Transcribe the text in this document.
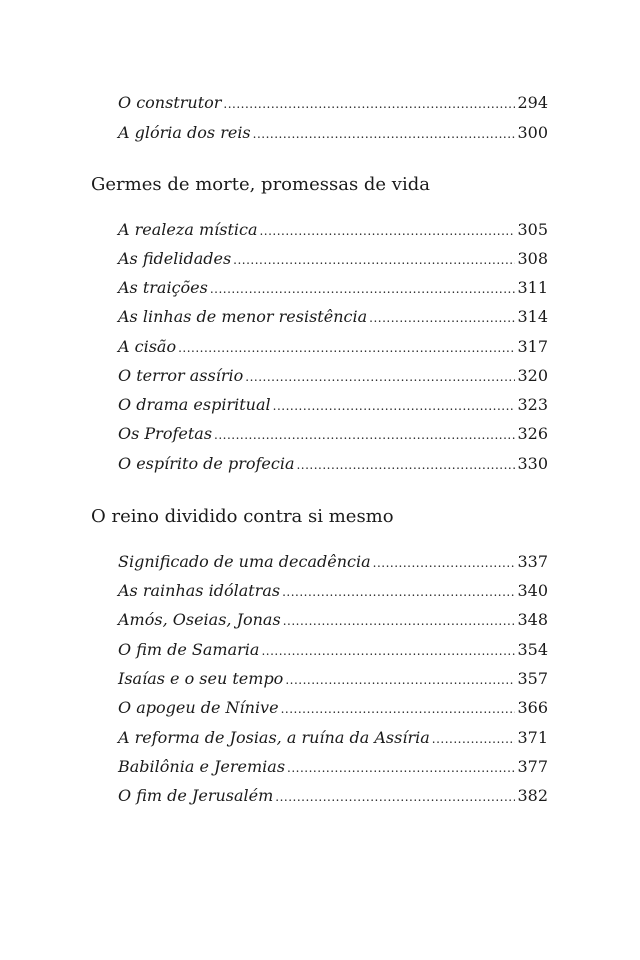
O construtor .....	294
A glória dos reis .....	300
Germes de morte, promessas de vida
A realeza mística .....	305
As fidelidades .....	308
As traições .....	311
As linhas de menor resistência .....	314
A cisão .....	317
O terror assírio .....	320
O drama espiritual .....	323
Os Profetas .....	326
O espírito de profecia .....	330
O reino dividido contra si mesmo
Significado de uma decadência .....	337
As rainhas idólatras .....	340
Amós, Oseias, Jonas .....	348
O fim de Samaria .....	354
Isaías e o seu tempo .....	357
O apogeu de Nínive .....	366
A reforma de Josias, a ruína da Assíria .....	371
Babilônia e Jeremias .....	377
O fim de Jerusalém .....	382
